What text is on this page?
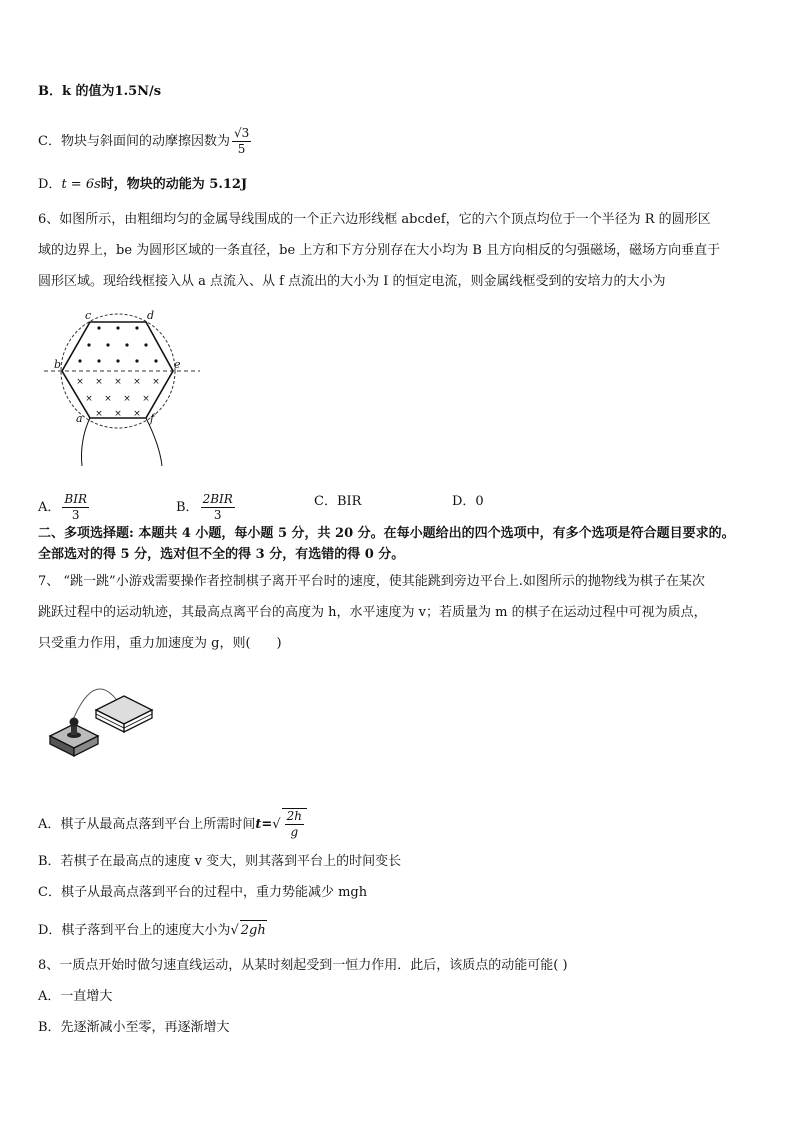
B．k 的值为1.5N/s
C．物块与斜面间的动摩擦因数为 $\frac{√3}{5}$
D．t = 6s时，物块的动能为 5.12J
6、如图所示，由粗细均匀的金属导线围成的一个正六边形线框 abcdef，它的六个顶点均位于一个半径为 R 的圆形区
域的边界上，be 为圆形区域的一条直径，be 上方和下方分别存在大小均为 B 且方向相反的匀强磁场，磁场方向垂直于
圆形区域。现给线框接入从 a 点流入、从 f 点流出的大小为 I 的恒定电流，则金属线框受到的安培力的大小为
× × × × ×
× × × ×
× × ×
c	d
b	e
a	f
A． $\frac{\text{BIR}}{3}$	B． $\frac{\text{2BIR}}{3}$	C．BIR	D．0
二、多项选择题: 本题共 4 小题，每小题 5 分，共 20 分。在每小题给出的四个选项中，有多个选项是符合题目要求的。
全部选对的得 5 分，选对但不全的得 3 分，有选错的得 0 分。
7、 “跳一跳”小游戏需要操作者控制棋子离开平台时的速度，使其能跳到旁边平台上.如图所示的抛物线为棋子在某次
跳跃过程中的运动轨迹，其最高点离平台的高度为 h，水平速度为 v；若质量为 m 的棋子在运动过程中可视为质点，
只受重力作用，重力加速度为 g，则(　　)
A．棋子从最高点落到平台上所需时间$t=√ \frac{2h}{g}$
B．若棋子在最高点的速度 v 变大，则其落到平台上的时间变长
C．棋子从最高点落到平台的过程中，重力势能减少 mgh
D．棋子落到平台上的速度大小为√ 2gh
8、一质点开始时做匀速直线运动，从某时刻起受到一恒力作用．此后，该质点的动能可能( )
A．一直增大
B．先逐渐减小至零，再逐渐增大
